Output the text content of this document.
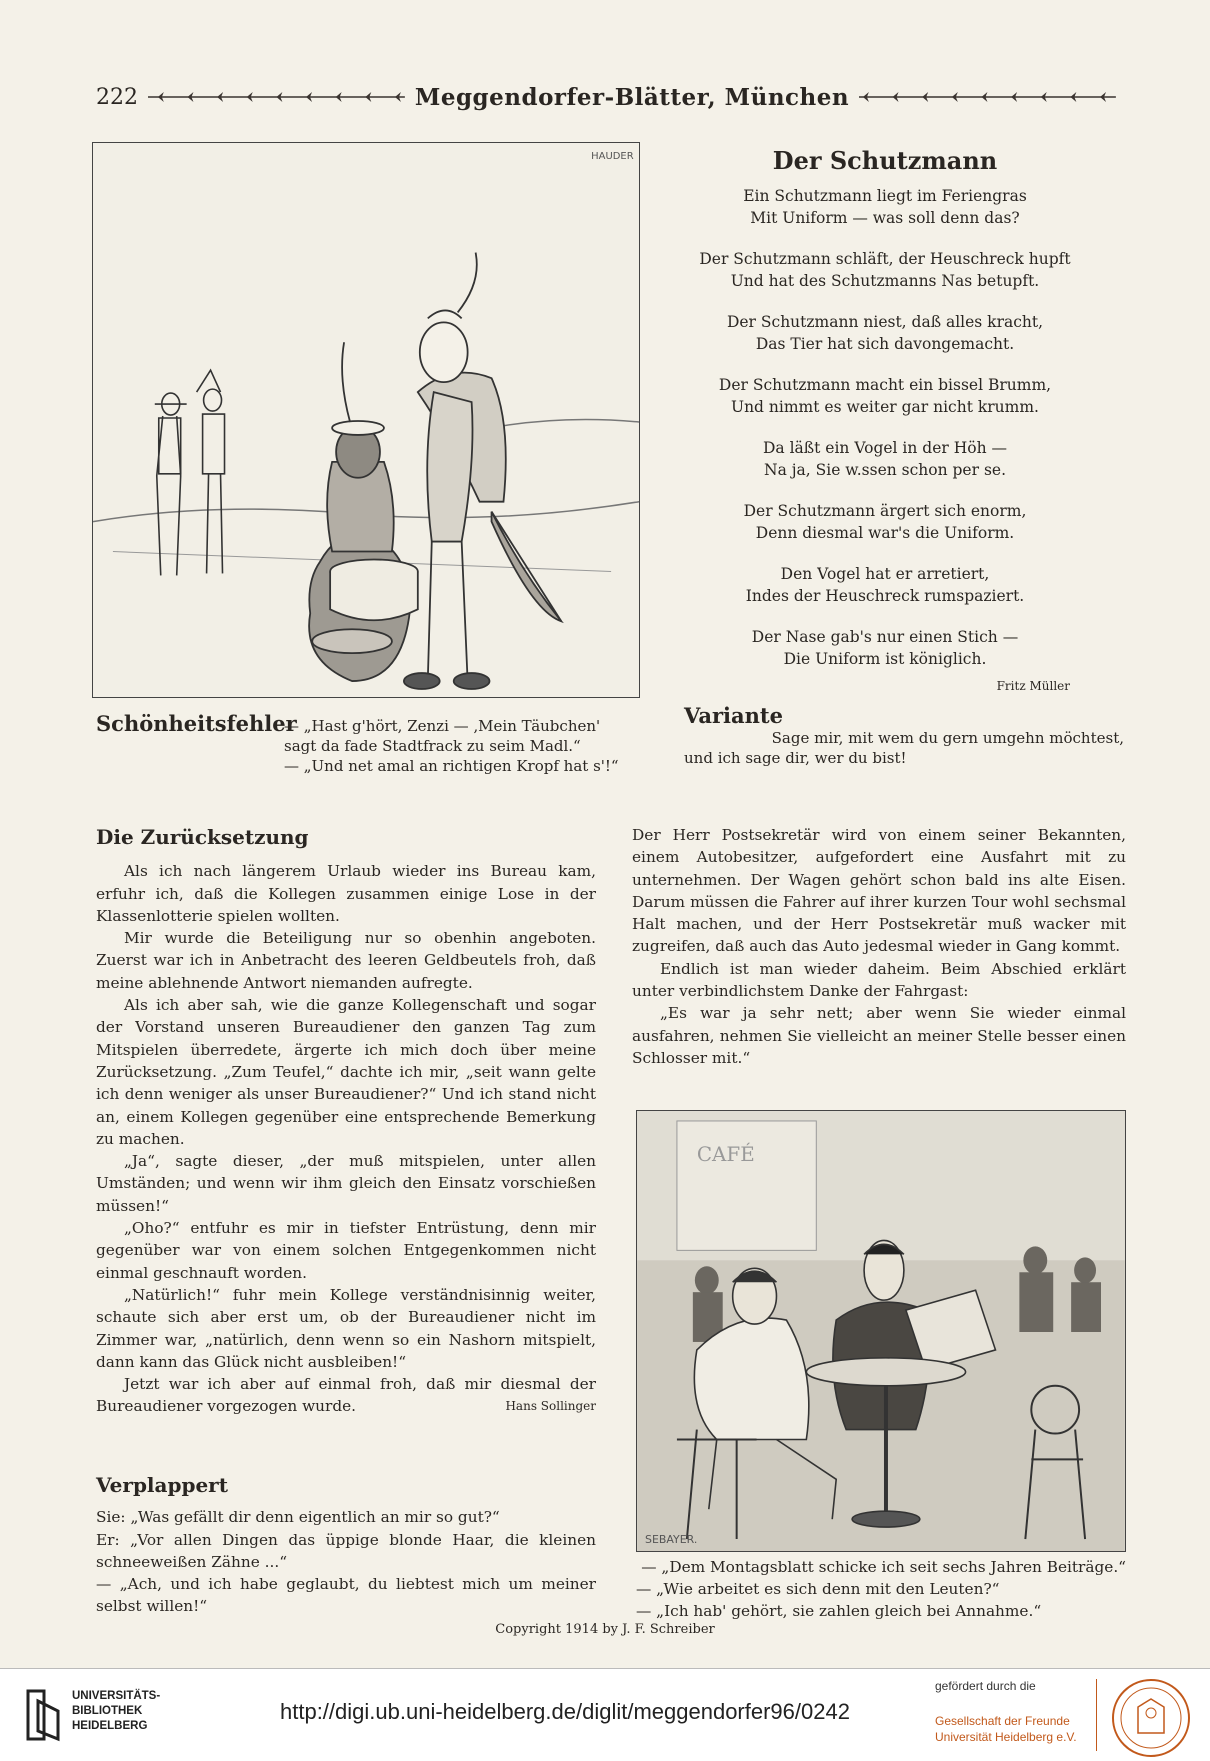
222	Meggendorfer-Blätter, München
HAUDER	Der Schutzmann
Ein Schutzmann liegt im Feriengras
Mit Uniform — was soll denn das?
Der Schutzmann schläft, der Heuschreck hupft
Und hat des Schutzmanns Nas betupft.
Der Schutzmann niest, daß alles kracht,
Das Tier hat sich davongemacht.
Der Schutzmann macht ein bissel Brumm,
Und nimmt es weiter gar nicht krumm.
Da läßt ein Vogel in der Höh —
Na ja, Sie w.ssen schon per se.
Der Schutzmann ärgert sich enorm,
Denn diesmal war's die Uniform.
Den Vogel hat er arretiert,
Indes der Heuschreck rumspaziert.
Der Nase gab's nur einen Stich —
Die Uniform ist königlich.
Fritz Müller
Schönheitsfehler
— „Hast g'hört, Zenzi — ‚Mein Täubchen'
sagt da fade Stadtfrack zu seim Madl.“
— „Und net amal an richtigen Kropf hat s'!“
Variante
Sage mir, mit wem du gern umgehn möchtest,
und ich sage dir, wer du bist!
Die Zurücksetzung

Als ich nach längerem Urlaub wieder ins Bureau kam, erfuhr ich, daß die Kollegen zusammen einige Lose in der Klassenlotterie spielen wollten.

Mir wurde die Beteiligung nur so obenhin angeboten. Zuerst war ich in Anbetracht des leeren Geldbeutels froh, daß meine ablehnende Antwort niemanden aufregte.

Als ich aber sah, wie die ganze Kollegenschaft und sogar der Vorstand unseren Bureaudiener den ganzen Tag zum Mitspielen überredete, ärgerte ich mich doch über meine Zurücksetzung. „Zum Teufel,“ dachte ich mir, „seit wann gelte ich denn weniger als unser Bureaudiener?“ Und ich stand nicht an, einem Kollegen gegenüber eine entsprechende Bemerkung zu machen.

„Ja“, sagte dieser, „der muß mitspielen, unter allen Umständen; und wenn wir ihm gleich den Einsatz vorschießen müssen!“

„Oho?“ entfuhr es mir in tiefster Entrüstung, denn mir gegenüber war von einem solchen Entgegenkommen nicht einmal geschnauft worden.

„Natürlich!“ fuhr mein Kollege verständnisinnig weiter, schaute sich aber erst um, ob der Bureaudiener nicht im Zimmer war, „natürlich, denn wenn so ein Nashorn mitspielt, dann kann das Glück nicht ausbleiben!“

Jetzt war ich aber auf einmal froh, daß mir diesmal der Bureaudiener vorgezogen wurde.	Hans Sollinger

Verplappert

Sie: „Was gefällt dir denn eigentlich an mir so gut?“

Er: „Vor allen Dingen das üppige blonde Haar, die kleinen schneeweißen Zähne ...“

— „Ach, und ich habe geglaubt, du liebtest mich um meiner selbst willen!“

Der Herr Postsekretär wird von einem seiner Bekannten, einem Autobesitzer, aufgefordert eine Ausfahrt mit zu unternehmen. Der Wagen gehört schon bald ins alte Eisen. Darum müssen die Fahrer auf ihrer kurzen Tour wohl sechsmal Halt machen, und der Herr Postsekretär muß wacker mit zugreifen, daß auch das Auto jedesmal wieder in Gang kommt.

Endlich ist man wieder daheim. Beim Abschied erklärt unter verbindlichstem Danke der Fahrgast:

„Es war ja sehr nett; aber wenn Sie wieder einmal ausfahren, nehmen Sie vielleicht an meiner Stelle besser einen Schlosser mit.“

CAFÉ
SEBAYER.
— „Dem Montagsblatt schicke ich seit sechs Jahren Beiträge.“
— „Wie arbeitet es sich denn mit den Leuten?“
— „Ich hab' gehört, sie zahlen gleich bei Annahme.“
Copyright 1914 by J. F. Schreiber
UNIVERSITÄTS-
BIBLIOTHEK
HEIDELBERG
http://digi.ub.uni-heidelberg.de/diglit/meggendorfer96/0242
gefördert durch die
Gesellschaft der Freunde
Universität Heidelberg e.V.
